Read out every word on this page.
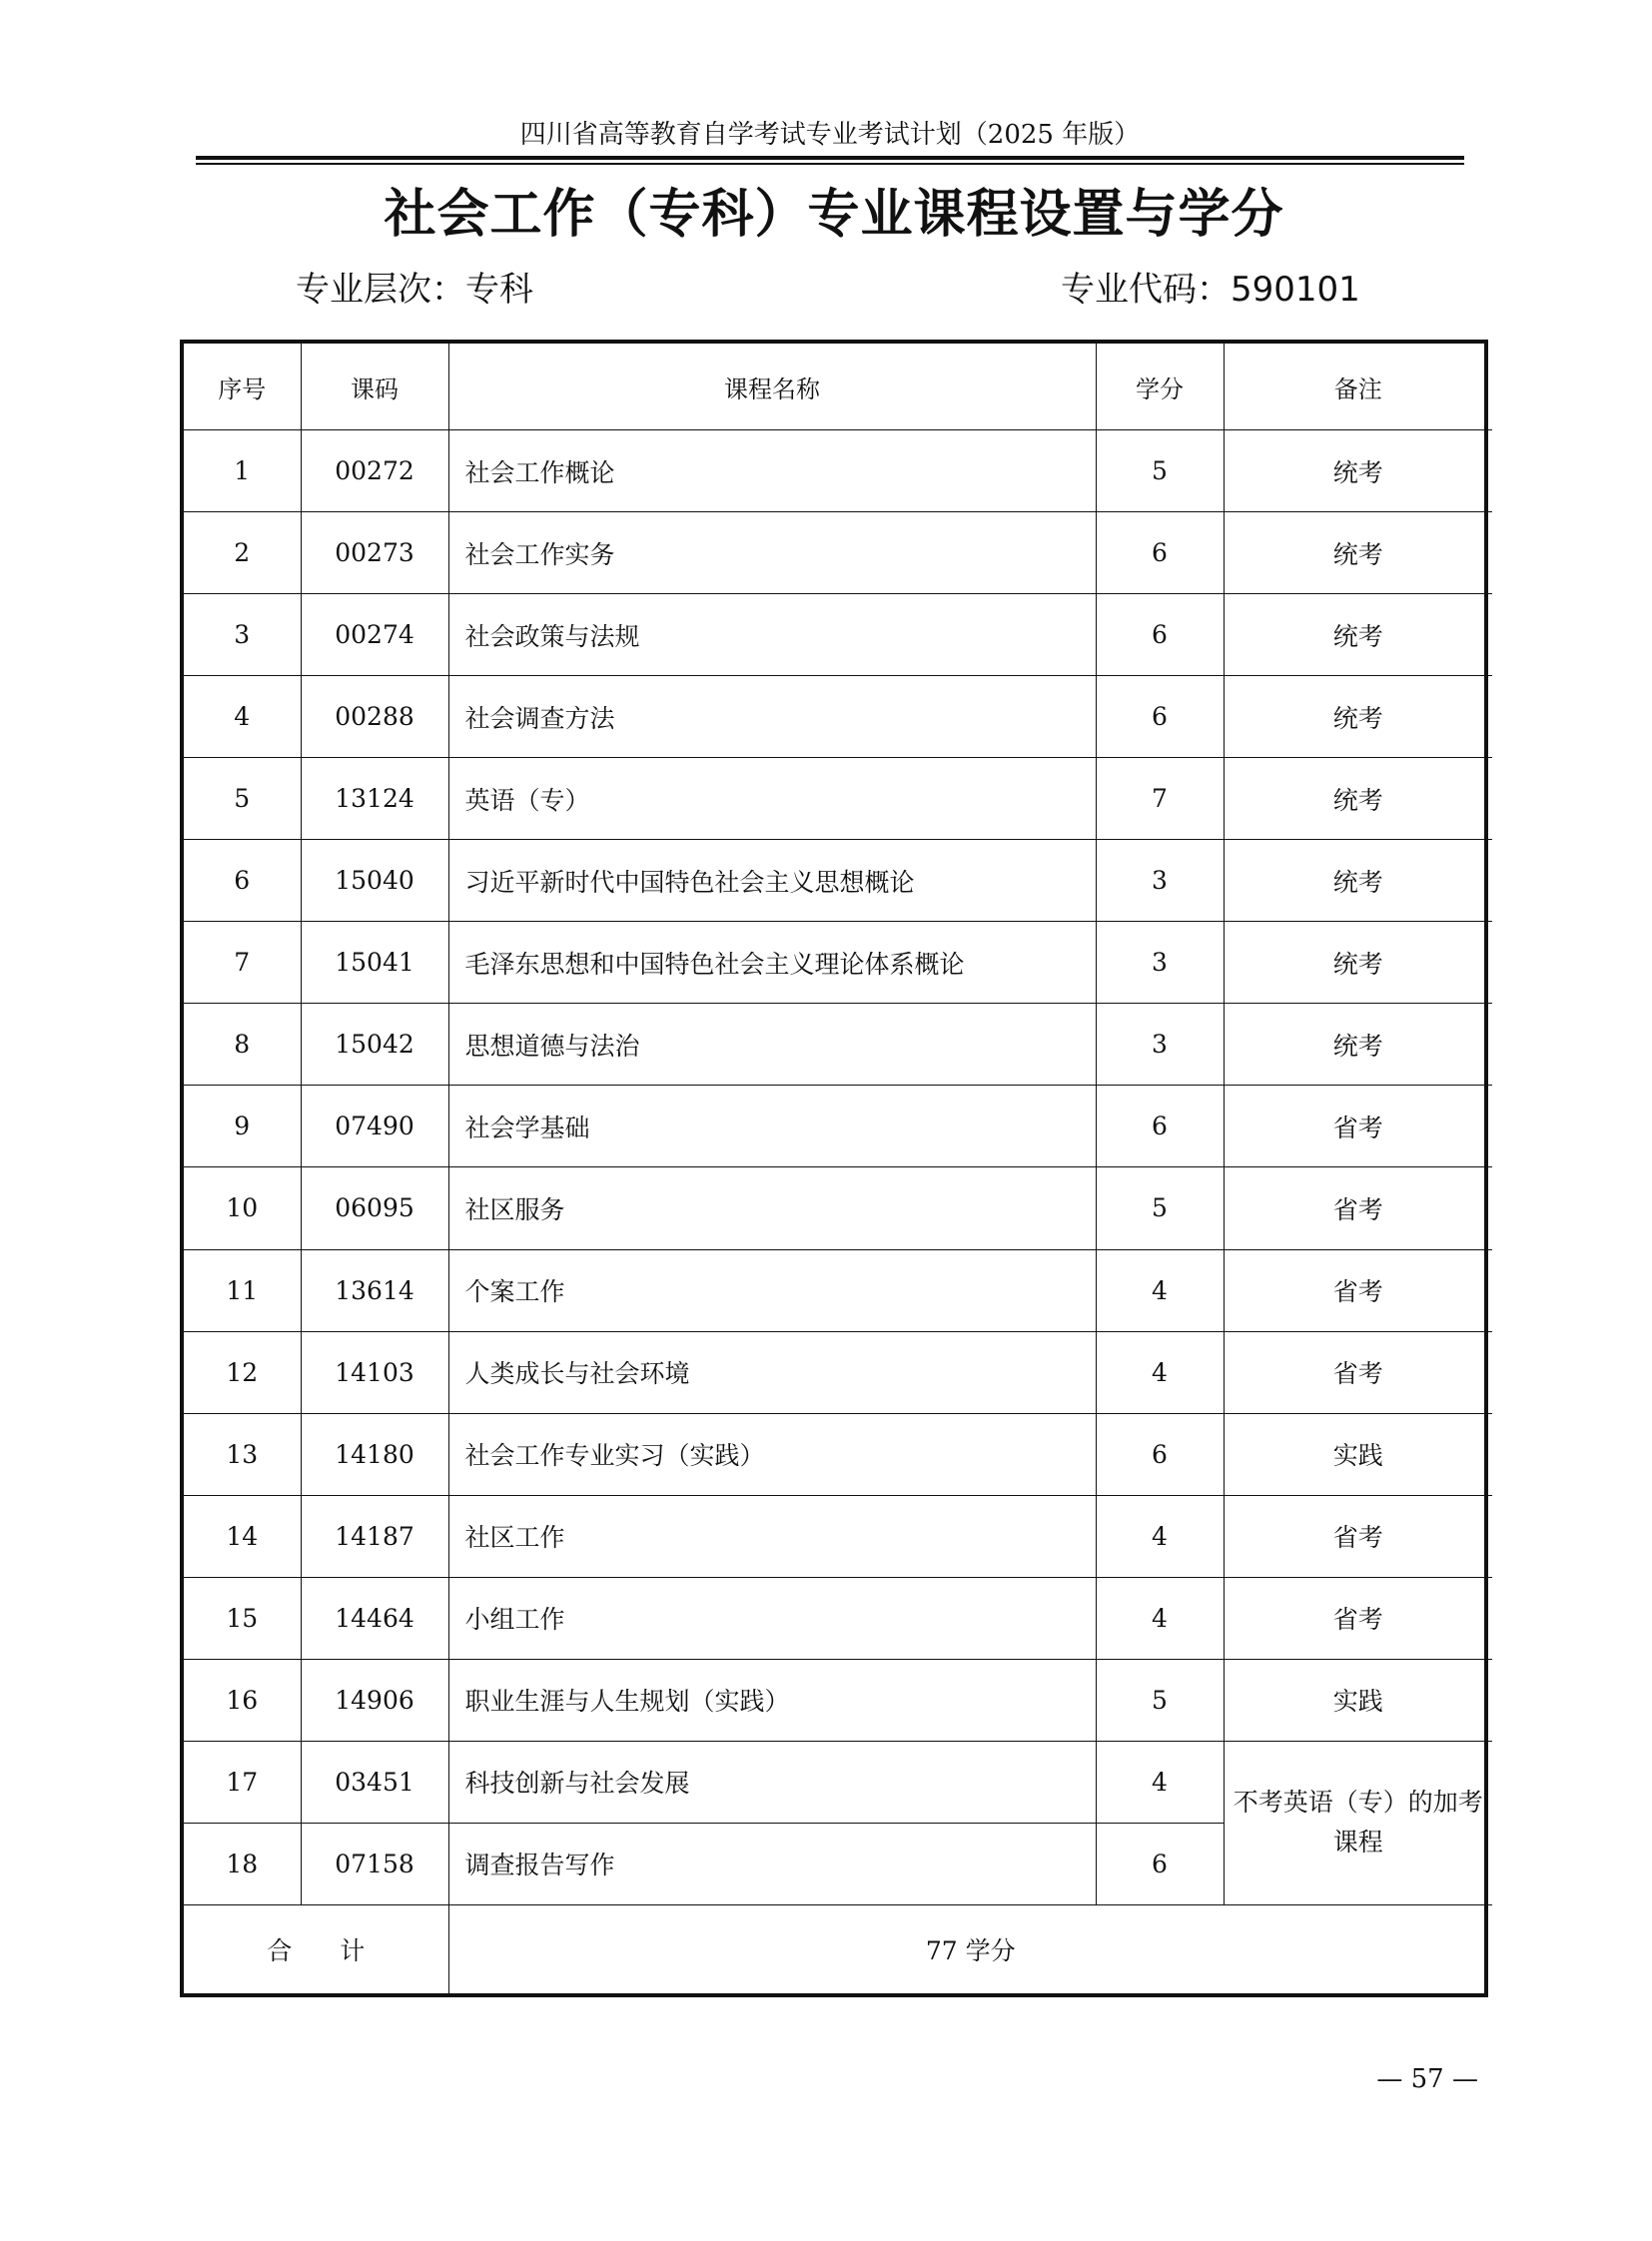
四川省高等教育自学考试专业考试计划（2025 年版）
社会工作（专科）专业课程设置与学分
专业层次：专科	专业代码：590101
序号	课码	课程名称	学分	备注
1	00272	社会工作概论	5	统考
2	00273	社会工作实务	6	统考
3	00274	社会政策与法规	6	统考
4	00288	社会调查方法	6	统考
5	13124	英语（专）	7	统考
6	15040	习近平新时代中国特色社会主义思想概论	3	统考
7	15041	毛泽东思想和中国特色社会主义理论体系概论	3	统考
8	15042	思想道德与法治	3	统考
9	07490	社会学基础	6	省考
10	06095	社区服务	5	省考
11	13614	个案工作	4	省考
12	14103	人类成长与社会环境	4	省考
13	14180	社会工作专业实习（实践）	6	实践
14	14187	社区工作	4	省考
15	14464	小组工作	4	省考
16	14906	职业生涯与人生规划（实践）	5	实践
17	03451	科技创新与社会发展	4	不考英语（专）的加考
课程

18	07158	调查报告写作	6	
合计		77 学分		
— 57 —
